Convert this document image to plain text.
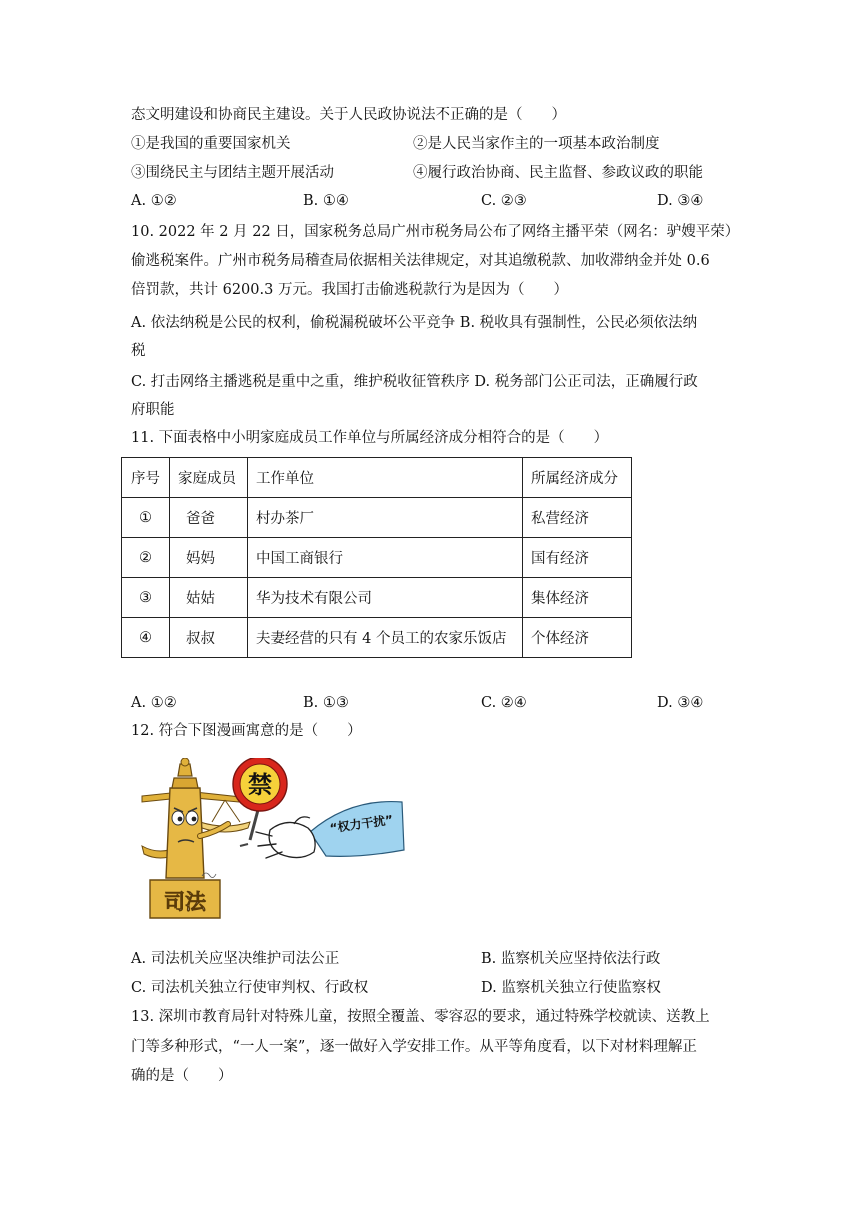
态文明建设和协商民主建设。关于人民政协说法不正确的是（　　）
①是我国的重要国家机关	②是人民当家作主的一项基本政治制度
③围绕民主与团结主题开展活动	④履行政治协商、民主监督、参政议政的职能
A. ①②	B. ①④	C. ②③	D. ③④
10. 2022 年 2 月 22 日，国家税务总局广州市税务局公布了网络主播平荣（网名：驴嫂平荣）
偷逃税案件。广州市税务局稽查局依据相关法律规定，对其追缴税款、加收滞纳金并处 0.6
倍罚款，共计 6200.3 万元。我国打击偷逃税款行为是因为（　　）
A. 依法纳税是公民的权利，偷税漏税破坏公平竞争 B. 税收具有强制性，公民必须依法纳
税
C. 打击网络主播逃税是重中之重，维护税收征管秩序 D. 税务部门公正司法，正确履行政
府职能
11. 下面表格中小明家庭成员工作单位与所属经济成分相符合的是（　　）
序号	家庭成员	工作单位	所属经济成分
①	爸爸	村办茶厂	私营经济
②	妈妈	中国工商银行	国有经济
③	姑姑	华为技术有限公司	集体经济
④	叔叔	夫妻经营的只有 4 个员工的农家乐饭店	个体经济
A. ①②	B. ①③	C. ②④	D. ③④
12. 符合下图漫画寓意的是（　　）
禁
司法
“权力干扰”
A. 司法机关应坚决维护司法公正	B. 监察机关应坚持依法行政
C. 司法机关独立行使审判权、行政权	D. 监察机关独立行使监察权
13. 深圳市教育局针对特殊儿童，按照全覆盖、零容忍的要求，通过特殊学校就读、送教上
门等多种形式，“一人一案”，逐一做好入学安排工作。从平等角度看，以下对材料理解正
确的是（　　）
